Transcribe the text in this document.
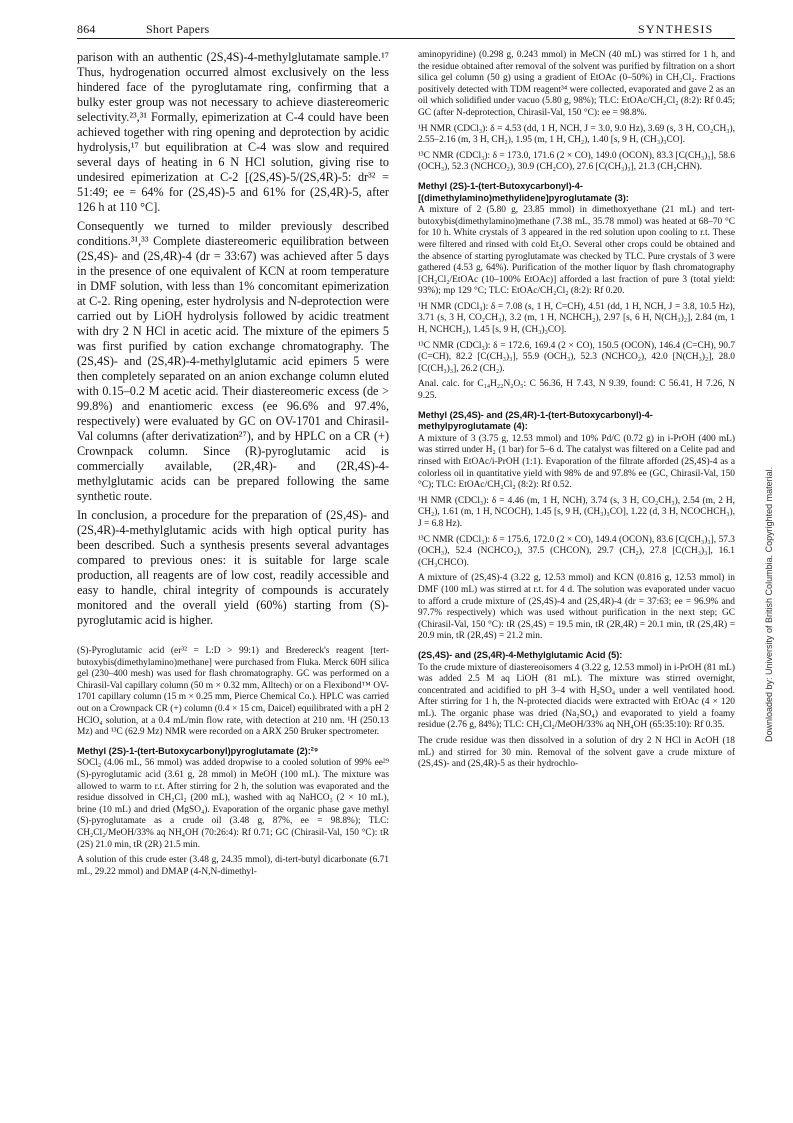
864	Short Papers	SYNTHESIS

parison with an authentic (2S,4S)-4-methylglutamate sample.¹⁷ Thus, hydrogenation occurred almost exclusively on the less hindered face of the pyroglutamate ring, confirming that a bulky ester group was not necessary to achieve diastereomeric selectivity.²³,³¹ Formally, epimerization at C-4 could have been achieved together with ring opening and deprotection by acidic hydrolysis,¹⁷ but equilibration at C-4 was slow and required several days of heating in 6 N HCl solution, giving rise to undesired epimerization at C-2 [(2S,4S)-5/(2S,4R)-5: dr³² = 51:49; ee = 64% for (2S,4S)-5 and 61% for (2S,4R)-5, after 126 h at 110 °C].

Consequently we turned to milder previously described conditions.³¹,³³ Complete diastereomeric equilibration between (2S,4S)- and (2S,4R)-4 (dr = 33:67) was achieved after 5 days in the presence of one equivalent of KCN at room temperature in DMF solution, with less than 1% concomitant epimerization at C-2. Ring opening, ester hydrolysis and N-deprotection were carried out by LiOH hydrolysis followed by acidic treatment with dry 2 N HCl in acetic acid. The mixture of the epimers 5 was first purified by cation exchange chromatography. The (2S,4S)- and (2S,4R)-4-methylglutamic acid epimers 5 were then completely separated on an anion exchange column eluted with 0.15–0.2 M acetic acid. Their diastereomeric excess (de > 99.8%) and enantiomeric excess (ee 96.6% and 97.4%, respectively) were evaluated by GC on OV-1701 and Chirasil-Val columns (after derivatization²⁷), and by HPLC on a CR (+) Crownpack column. Since (R)-pyroglutamic acid is commercially available, (2R,4R)- and (2R,4S)-4-methylglutamic acids can be prepared following the same synthetic route.

In conclusion, a procedure for the preparation of (2S,4S)- and (2S,4R)-4-methylglutamic acids with high optical purity has been described. Such a synthesis presents several advantages compared to previous ones: it is suitable for large scale production, all reagents are of low cost, readily accessible and easy to handle, chiral integrity of compounds is accurately monitored and the overall yield (60%) starting from (S)-pyroglutamic acid is higher.

(S)-Pyroglutamic acid (er³² = L:D > 99:1) and Bredereck's reagent [tert-butoxybis(dimethylamino)methane] were purchased from Fluka. Merck 60H silica gel (230–400 mesh) was used for flash chromatography. GC was performed on a Chirasil-Val capillary column (50 m × 0.32 mm, Alltech) or on a Flexibond™ OV-1701 capillary column (15 m × 0.25 mm, Pierce Chemical Co.). HPLC was carried out on a Crownpack CR (+) column (0.4 × 15 cm, Daicel) equilibrated with a pH 2 HClO₄ solution, at a 0.4 mL/min flow rate, with detection at 210 nm. ¹H (250.13 Mz) and ¹³C (62.9 Mz) NMR were recorded on a ARX 250 Bruker spectrometer.

Methyl (2S)-1-(tert-Butoxycarbonyl)pyroglutamate (2):²⁹

SOCl₂ (4.06 mL, 56 mmol) was added dropwise to a cooled solution of 99% ee²⁹ (S)-pyroglutamic acid (3.61 g, 28 mmol) in MeOH (100 mL). The mixture was allowed to warm to r.t. After stirring for 2 h, the solution was evaporated and the residue dissolved in CH₂Cl₂ (200 mL), washed with aq NaHCO₃ (2 × 10 mL), brine (10 mL) and dried (MgSO₄). Evaporation of the organic phase gave methyl (S)-pyroglutamate as a crude oil (3.48 g, 87%, ee = 98.8%); TLC: CH₂Cl₂/MeOH/33% aq NH₄OH (70:26:4): Rf 0.71; GC (Chirasil-Val, 150 °C): tR (2S) 21.0 min, tR (2R) 21.5 min.

A solution of this crude ester (3.48 g, 24.35 mmol), di-tert-butyl dicarbonate (6.71 mL, 29.22 mmol) and DMAP (4-N,N-dimethyl-

aminopyridine) (0.298 g, 0.243 mmol) in MeCN (40 mL) was stirred for 1 h, and the residue obtained after removal of the solvent was purified by filtration on a short silica gel column (50 g) using a gradient of EtOAc (0–50%) in CH₂Cl₂. Fractions positively detected with TDM reagent³⁴ were collected, evaporated and gave 2 as an oil which solidified under vacuo (5.80 g, 98%); TLC: EtOAc/CH₂Cl₂ (8:2): Rf 0.45; GC (after N-deprotection, Chirasil-Val, 150 °C): ee = 98.8%.

¹H NMR (CDCl₃): δ = 4.53 (dd, 1 H, NCH, J = 3.0, 9.0 Hz), 3.69 (s, 3 H, CO₂CH₃), 2.55–2.16 (m, 3 H, CH₂), 1.95 (m, 1 H, CH₂), 1.40 [s, 9 H, (CH₃)₃CO].

¹³C NMR (CDCl₃): δ = 173.0, 171.6 (2 × CO), 149.0 (OCON), 83.3 [C(CH₃)₃], 58.6 (OCH₃), 52.3 (NCHCO₂), 30.9 (CH₂CO), 27.6 [C(CH₃)₃], 21.3 (CH₂CHN).

Methyl (2S)-1-(tert-Butoxycarbonyl)-4-[(dimethylamino)methylidene]pyroglutamate (3):

A mixture of 2 (5.80 g, 23.85 mmol) in dimethoxyethane (21 mL) and tert-butoxybis(dimethylamino)methane (7.38 mL, 35.78 mmol) was heated at 68–70 °C for 10 h. White crystals of 3 appeared in the red solution upon cooling to r.t. These were filtered and rinsed with cold Et₂O. Several other crops could be obtained and the absence of starting pyroglutamate was checked by TLC. Pure crystals of 3 were gathered (4.53 g, 64%). Purification of the mother liquor by flash chromatography [CH₂Cl₂/EtOAc (10–100% EtOAc)] afforded a last fraction of pure 3 (total yield: 93%); mp 129 °C; TLC: EtOAc/CH₂Cl₂ (8:2): Rf 0.20.

¹H NMR (CDCl₃): δ = 7.08 (s, 1 H, C=CH), 4.51 (dd, 1 H, NCH, J = 3.8, 10.5 Hz), 3.71 (s, 3 H, CO₂CH₃), 3.2 (m, 1 H, NCHCH₂), 2.97 [s, 6 H, N(CH₃)₂], 2.84 (m, 1 H, NCHCH₂), 1.45 [s, 9 H, (CH₃)₃CO].

¹³C NMR (CDCl₃): δ = 172.6, 169.4 (2 × CO), 150.5 (OCON), 146.4 (C=CH), 90.7 (C=CH), 82.2 [C(CH₃)₃], 55.9 (OCH₃), 52.3 (NCHCO₂), 42.0 [N(CH₃)₂], 28.0 [C(CH₃)₃], 26.2 (CH₂).

Anal. calc. for C₁₄H₂₂N₂O₅: C 56.36, H 7.43, N 9.39, found: C 56.41, H 7.26, N 9.25.

Methyl (2S,4S)- and (2S,4R)-1-(tert-Butoxycarbonyl)-4-methylpyroglutamate (4):

A mixture of 3 (3.75 g, 12.53 mmol) and 10% Pd/C (0.72 g) in i-PrOH (400 mL) was stirred under H₂ (1 bar) for 5–6 d. The catalyst was filtered on a Celite pad and rinsed with EtOAc/i-PrOH (1:1). Evaporation of the filtrate afforded (2S,4S)-4 as a colorless oil in quantitative yield with 98% de and 97.8% ee (GC, Chirasil-Val, 150 °C); TLC: EtOAc/CH₂Cl₂ (8:2): Rf 0.52.

¹H NMR (CDCl₃): δ = 4.46 (m, 1 H, NCH), 3.74 (s, 3 H, CO₂CH₃), 2.54 (m, 2 H, CH₂), 1.61 (m, 1 H, NCOCH), 1.45 [s, 9 H, (CH₃)₃CO], 1.22 (d, 3 H, NCOCHCH₃), J = 6.8 Hz).

¹³C NMR (CDCl₃): δ = 175.6, 172.0 (2 × CO), 149.4 (OCON), 83.6 [C(CH₃)₃], 57.3 (OCH₃), 52.4 (NCHCO₂), 37.5 (CHCON), 29.7 (CH₂), 27.8 [C(CH₃)₃], 16.1 (CH₃CHCO).

A mixture of (2S,4S)-4 (3.22 g, 12.53 mmol) and KCN (0.816 g, 12.53 mmol) in DMF (100 mL) was stirred at r.t. for 4 d. The solution was evaporated under vacuo to afford a crude mixture of (2S,4S)-4 and (2S,4R)-4 (dr = 37:63; ee = 96.9% and 97.7% respectively) which was used without purification in the next step; GC (Chirasil-Val, 150 °C): tR (2S,4S) = 19.5 min, tR (2R,4R) = 20.1 min, tR (2S,4R) = 20.9 min, tR (2R,4S) = 21.2 min.

(2S,4S)- and (2S,4R)-4-Methylglutamic Acid (5):

To the crude mixture of diastereoisomers 4 (3.22 g, 12.53 mmol) in i-PrOH (81 mL) was added 2.5 M aq LiOH (81 mL). The mixture was stirred overnight, concentrated and acidified to pH 3–4 with H₂SO₄ under a well ventilated hood. After stirring for 1 h, the N-protected diacids were extracted with EtOAc (4 × 120 mL). The organic phase was dried (Na₂SO₄) and evaporated to yield a foamy residue (2.76 g, 84%); TLC: CH₂Cl₂/MeOH/33% aq NH₄OH (65:35:10): Rf 0.35.

The crude residue was then dissolved in a solution of dry 2 N HCl in AcOH (18 mL) and stirred for 30 min. Removal of the solvent gave a crude mixture of (2S,4S)- and (2S,4R)-5 as their hydrochlo-

Downloaded by: University of British Columbia. Copyrighted material.
